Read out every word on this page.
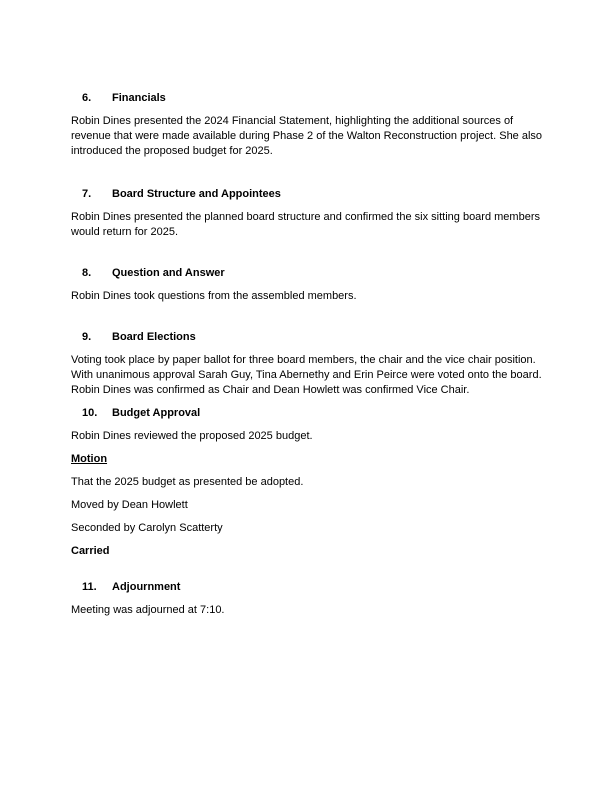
6.	Financials

Robin Dines presented the 2024 Financial Statement, highlighting the additional sources of revenue that were made available during Phase 2 of the Walton Reconstruction project. She also introduced the proposed budget for 2025.

7.	Board Structure and Appointees

Robin Dines presented the planned board structure and confirmed the six sitting board members would return for 2025.

8.	Question and Answer

Robin Dines took questions from the assembled members.

9.	Board Elections

Voting took place by paper ballot for three board members, the chair and the vice chair position. With unanimous approval Sarah Guy, Tina Abernethy and Erin Peirce were voted onto the board. Robin Dines was confirmed as Chair and Dean Howlett was confirmed Vice Chair.

10.	Budget Approval

Robin Dines reviewed the proposed 2025 budget.

Motion

That the 2025 budget as presented be adopted.

Moved by Dean Howlett

Seconded by Carolyn Scatterty

Carried

11.	Adjournment

Meeting was adjourned at 7:10.
